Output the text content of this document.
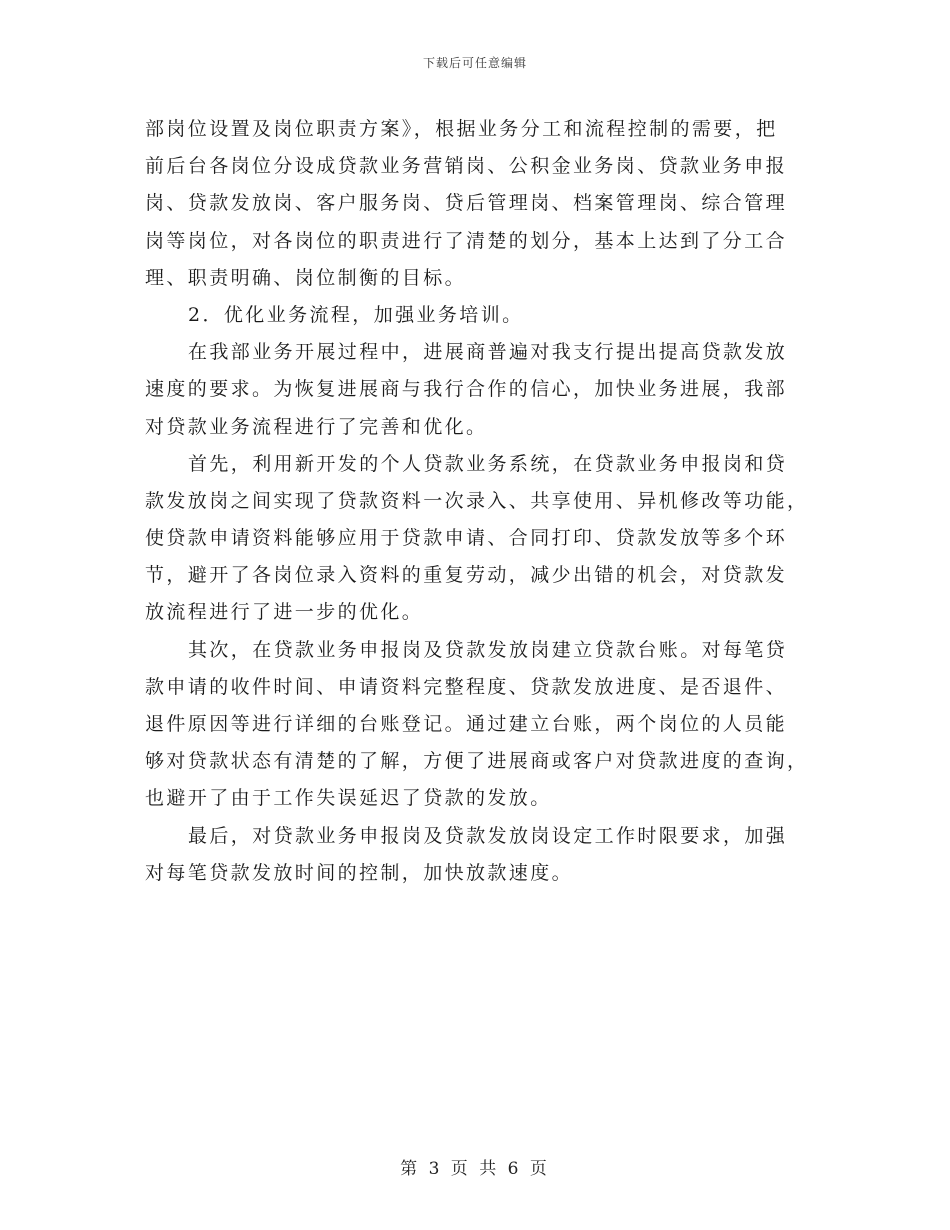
下载后可任意编辑
部岗位设置及岗位职责方案》，根据业务分工和流程控制的需要，把
前后台各岗位分设成贷款业务营销岗、公积金业务岗、贷款业务申报
岗、贷款发放岗、客户服务岗、贷后管理岗、档案管理岗、综合管理
岗等岗位，对各岗位的职责进行了清楚的划分，基本上达到了分工合
理、职责明确、岗位制衡的目标。
2．优化业务流程，加强业务培训。
在我部业务开展过程中，进展商普遍对我支行提出提高贷款发放
速度的要求。为恢复进展商与我行合作的信心，加快业务进展，我部
对贷款业务流程进行了完善和优化。
首先，利用新开发的个人贷款业务系统，在贷款业务申报岗和贷
款发放岗之间实现了贷款资料一次录入、共享使用、异机修改等功能，
使贷款申请资料能够应用于贷款申请、合同打印、贷款发放等多个环
节，避开了各岗位录入资料的重复劳动，减少出错的机会，对贷款发
放流程进行了进一步的优化。
其次，在贷款业务申报岗及贷款发放岗建立贷款台账。对每笔贷
款申请的收件时间、申请资料完整程度、贷款发放进度、是否退件、
退件原因等进行详细的台账登记。通过建立台账，两个岗位的人员能
够对贷款状态有清楚的了解，方便了进展商或客户对贷款进度的查询，
也避开了由于工作失误延迟了贷款的发放。
最后，对贷款业务申报岗及贷款发放岗设定工作时限要求，加强
对每笔贷款发放时间的控制，加快放款速度。
第 3 页 共 6 页
